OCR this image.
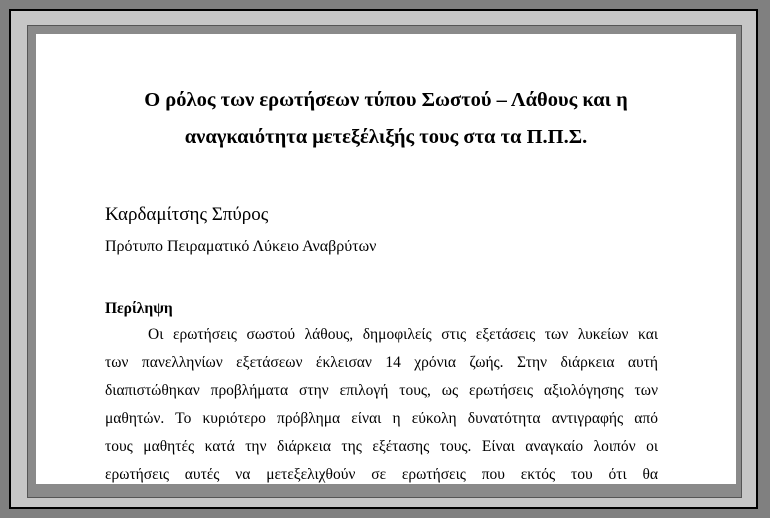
Ο ρόλος των ερωτήσεων τύπου Σωστού – Λάθους και η
αναγκαιότητα μετεξέλιξής τους στα τα Π.Π.Σ.
Καρδαμίτσης Σπύρος
Πρότυπο Πειραματικό Λύκειο Αναβρύτων
Περίληψη
Οι ερωτήσεις σωστού λάθους, δημοφιλείς στις εξετάσεις των λυκείων και
των πανελληνίων εξετάσεων έκλεισαν 14 χρόνια ζωής. Στην διάρκεια αυτή
διαπιστώθηκαν προβλήματα στην επιλογή τους, ως ερωτήσεις αξιολόγησης των
μαθητών. Το κυριότερο πρόβλημα είναι η εύκολη δυνατότητα αντιγραφής από
τους μαθητές κατά την διάρκεια της εξέτασης τους. Είναι αναγκαίο λοιπόν οι
ερωτήσεις αυτές να μετεξελιχθούν σε ερωτήσεις που εκτός του ότι θα
